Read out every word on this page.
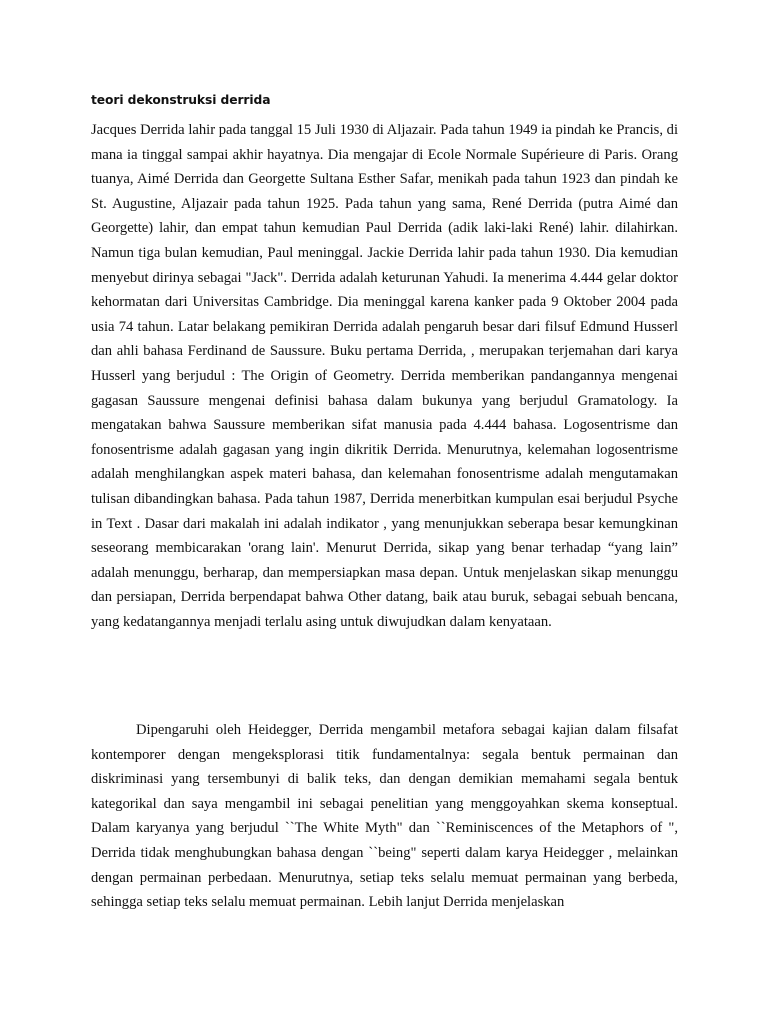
teori dekonstruksi derrida

Jacques Derrida lahir pada tanggal 15 Juli 1930 di Aljazair. Pada tahun 1949 ia pindah ke Prancis, di mana ia tinggal sampai akhir hayatnya. Dia mengajar di Ecole Normale Supérieure di Paris. Orang tuanya, Aimé Derrida dan Georgette Sultana Esther Safar, menikah pada tahun 1923 dan pindah ke St. Augustine, Aljazair pada tahun 1925. Pada tahun yang sama, René Derrida (putra Aimé dan Georgette) lahir, dan empat tahun kemudian Paul Derrida (adik laki-laki René) lahir. dilahirkan. Namun tiga bulan kemudian, Paul meninggal. Jackie Derrida lahir pada tahun 1930. Dia kemudian menyebut dirinya sebagai "Jack". Derrida adalah keturunan Yahudi. Ia menerima 4.444 gelar doktor kehormatan dari Universitas Cambridge. Dia meninggal karena kanker pada 9 Oktober 2004 pada usia 74 tahun. Latar belakang pemikiran Derrida adalah pengaruh besar dari filsuf Edmund Husserl dan ahli bahasa Ferdinand de Saussure. Buku pertama Derrida, , merupakan terjemahan dari karya Husserl yang berjudul : The Origin of Geometry. Derrida memberikan pandangannya mengenai gagasan Saussure mengenai definisi bahasa dalam bukunya yang berjudul Gramatology. Ia mengatakan bahwa Saussure memberikan sifat manusia pada 4.444 bahasa. Logosentrisme dan fonosentrisme adalah gagasan yang ingin dikritik Derrida. Menurutnya, kelemahan logosentrisme adalah menghilangkan aspek materi bahasa, dan kelemahan fonosentrisme adalah mengutamakan tulisan dibandingkan bahasa. Pada tahun 1987, Derrida menerbitkan kumpulan esai berjudul Psyche in Text . Dasar dari makalah ini adalah indikator , yang menunjukkan seberapa besar kemungkinan seseorang membicarakan 'orang lain'. Menurut Derrida, sikap yang benar terhadap “yang lain” adalah menunggu, berharap, dan mempersiapkan masa depan. Untuk menjelaskan sikap menunggu dan persiapan, Derrida berpendapat bahwa Other datang, baik atau buruk, sebagai sebuah bencana, yang kedatangannya menjadi terlalu asing untuk diwujudkan dalam kenyataan.

Dipengaruhi oleh Heidegger, Derrida mengambil metafora sebagai kajian dalam filsafat kontemporer dengan mengeksplorasi titik fundamentalnya: segala bentuk permainan dan diskriminasi yang tersembunyi di balik teks, dan dengan demikian memahami segala bentuk kategorikal dan saya mengambil ini sebagai penelitian yang menggoyahkan skema konseptual. Dalam karyanya yang berjudul ``The White Myth" dan ``Reminiscences of the Metaphors of ", Derrida tidak menghubungkan bahasa dengan ``being" seperti dalam karya Heidegger , melainkan dengan permainan perbedaan. Menurutnya, setiap teks selalu memuat permainan yang berbeda, sehingga setiap teks selalu memuat permainan. Lebih lanjut Derrida menjelaskan
